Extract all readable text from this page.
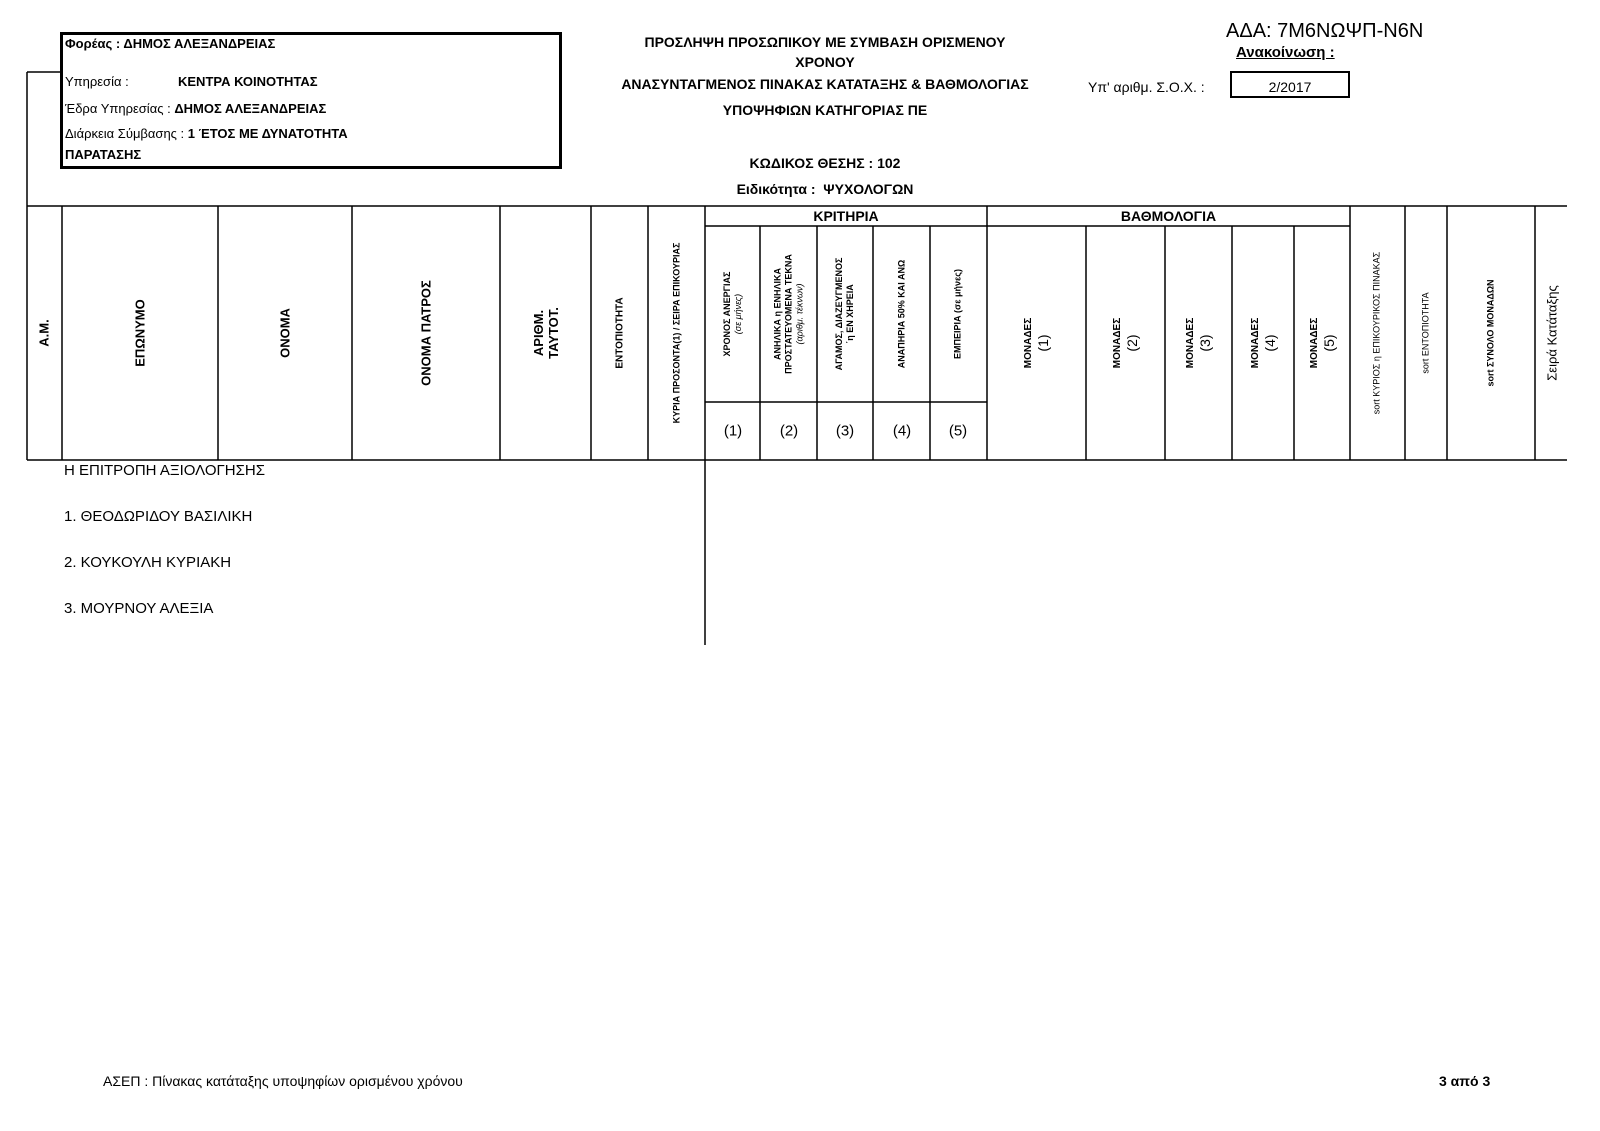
Φορέας : ΔΗΜΟΣ ΑΛΕΞΑΝΔΡΕΙΑΣ
Υπηρεσία :	ΚΕΝΤΡΑ ΚΟΙΝΟΤΗΤΑΣ
Έδρα Υπηρεσίας : ΔΗΜΟΣ ΑΛΕΞΑΝΔΡΕΙΑΣ
Διάρκεια Σύμβασης : 1 ΈΤΟΣ ΜΕ ΔΥΝΑΤΟΤΗΤΑ
ΠΑΡΑΤΑΣΗΣ
ΠΡΟΣΛΗΨΗ ΠΡΟΣΩΠΙΚΟΥ ΜΕ ΣΥΜΒΑΣΗ ΟΡΙΣΜΕΝΟΥ
ΧΡΟΝΟΥ
ΑΝΑΣΥΝΤΑΓΜΕΝΟΣ ΠΙΝΑΚΑΣ ΚΑΤΑΤΑΞΗΣ & ΒΑΘΜΟΛΟΓΙΑΣ
ΥΠΟΨΗΦΙΩΝ ΚΑΤΗΓΟΡΙΑΣ ΠΕ
ΚΩΔΙΚΟΣ ΘΕΣΗΣ : 102
Ειδικότητα : ΨΥΧΟΛΟΓΩΝ
ΑΔΑ: 7Μ6ΝΩΨΠ-Ν6Ν
Ανακοίνωση :
Υπ' αριθμ. Σ.Ο.Χ. :	2/2017
Α.Μ.	ΕΠΩΝΥΜΟ	ΟΝΟΜΑ	ΟΝΟΜΑ ΠΑΤΡΟΣ	ΑΡΙΘΜ. ΤΑΥΤΟΤ.	ΕΝΤΟΠΙΟΤΗΤΑ	ΚΥΡΙΑ ΠΡΟΣΟΝΤΑ(1) / ΣΕΙΡΑ ΕΠΙΚΟΥΡΙΑΣ
ΚΡΙΤΗΡΙΑ
ΧΡΟΝΟΣ ΑΝΕΡΓΙΑΣ (σε μήνες)	ΑΝΗΛΙΚΑ η ΕΝΗΛΙΚΑ ΠΡΟΣΤΑΤΕΥΟΜΕΝΑ ΤΕΚΝΑ (αριθμ. τέκνων)	ΑΓΑΜΟΣ, ΔΙΑΖΕΥΓΜΕΝΟΣ ΄η ΕΝ ΧΗΡΕΙΑ	ΑΝΑΠΗΡΙΑ 50% ΚΑΙ ΑΝΩ	ΕΜΠΕΙΡΙΑ (σε μήνες)
(1)	(2)	(3)	(4)	(5)
ΒΑΘΜΟΛΟΓΙΑ
ΜΟΝΑΔΕΣ (1)	ΜΟΝΑΔΕΣ (2)	ΜΟΝΑΔΕΣ (3)	ΜΟΝΑΔΕΣ (4)	ΜΟΝΑΔΕΣ (5)	sort ΚΥΡΙΟΣ η ΕΠΙΚΟΥΡΙΚΟΣ ΠΙΝΑΚΑΣ	sort ΕΝΤΟΠΙΟΤΗΤΑ	sort ΣΥΝΟΛΟ ΜΟΝΑΔΩΝ	Σειρά Κατάταξης
Η ΕΠΙΤΡΟΠΗ ΑΞΙΟΛΟΓΗΣΗΣ
1. ΘΕΟΔΩΡΙΔΟΥ ΒΑΣΙΛΙΚΗ
2. ΚΟΥΚΟΥΛΗ ΚΥΡΙΑΚΗ
3. ΜΟΥΡΝΟΥ ΑΛΕΞΙΑ
ΑΣΕΠ : Πίνακας κατάταξης υποψηφίων ορισμένου χρόνου	3 από 3
